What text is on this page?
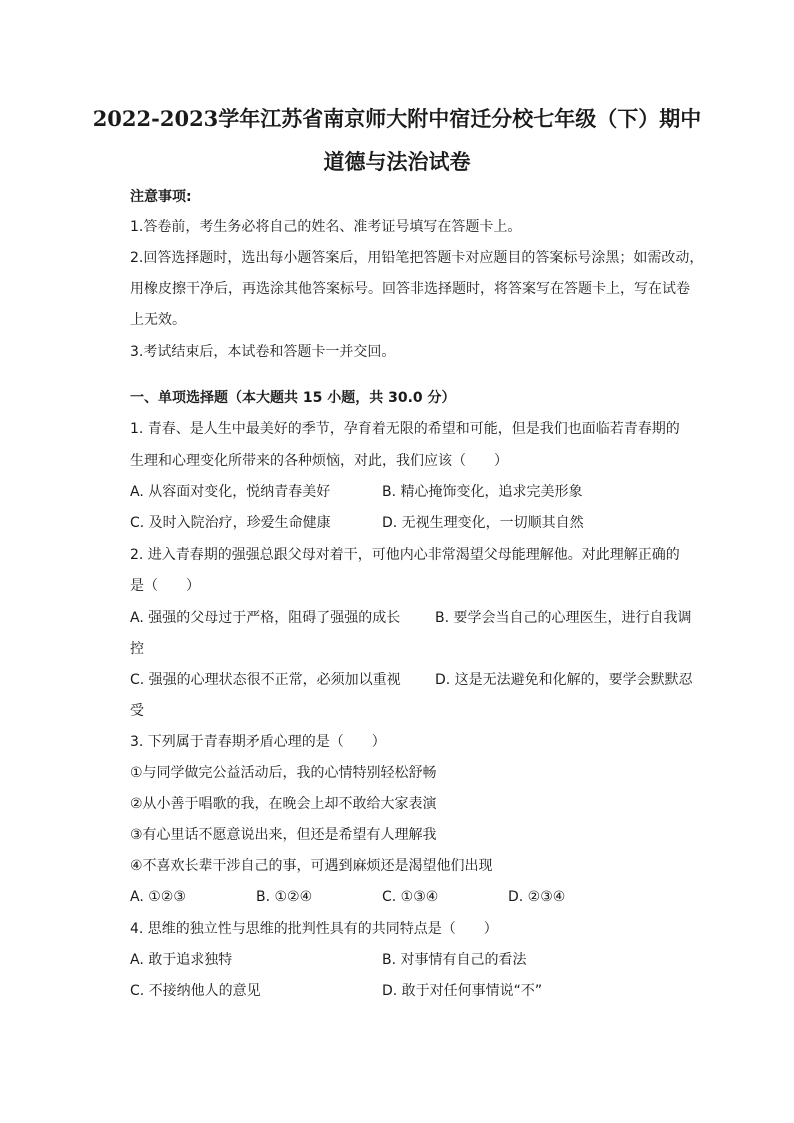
2022-2023学年江苏省南京师大附中宿迁分校七年级（下）期中
道德与法治试卷
注意事项:
1.答卷前，考生务必将自己的姓名、准考证号填写在答题卡上。
2.回答选择题时，选出每小题答案后，用铅笔把答题卡对应题目的答案标号涂黑；如需改动，
用橡皮擦干净后，再选涂其他答案标号。回答非选择题时，将答案写在答题卡上，写在试卷
上无效。
3.考试结束后，本试卷和答题卡一并交回。
一、单项选择题（本大题共 15 小题，共 30.0 分）
1. 青春、是人生中最美好的季节，孕育着无限的希望和可能，但是我们也面临若青春期的
生理和心理变化所带来的各种烦恼，对此，我们应该（　　）
A. 从容面对变化，悦纳青春美好	B. 精心掩饰变化，追求完美形象
C. 及时入院治疗，珍爱生命健康	D. 无视生理变化，一切顺其自然
2. 进入青春期的强强总跟父母对着干，可他内心非常渴望父母能理解他。对此理解正确的
是（　　）
A. 强强的父母过于严格，阻碍了强强的成长 B. 要学会当自己的心理医生，进行自我调
控
C. 强强的心理状态很不正常，必须加以重视 D. 这是无法避免和化解的，要学会默默忍
受
3. 下列属于青春期矛盾心理的是（　　）
①与同学做完公益活动后，我的心情特别轻松舒畅
②从小善于唱歌的我，在晚会上却不敢给大家表演
③有心里话不愿意说出来，但还是希望有人理解我
④不喜欢长辈干涉自己的事，可遇到麻烦还是渴望他们出现
A. ①②③	B. ①②④	C. ①③④	D. ②③④
4. 思维的独立性与思维的批判性具有的共同特点是（　　）
A. 敢于追求独特	B. 对事情有自己的看法
C. 不接纳他人的意见	D. 敢于对任何事情说“不”
